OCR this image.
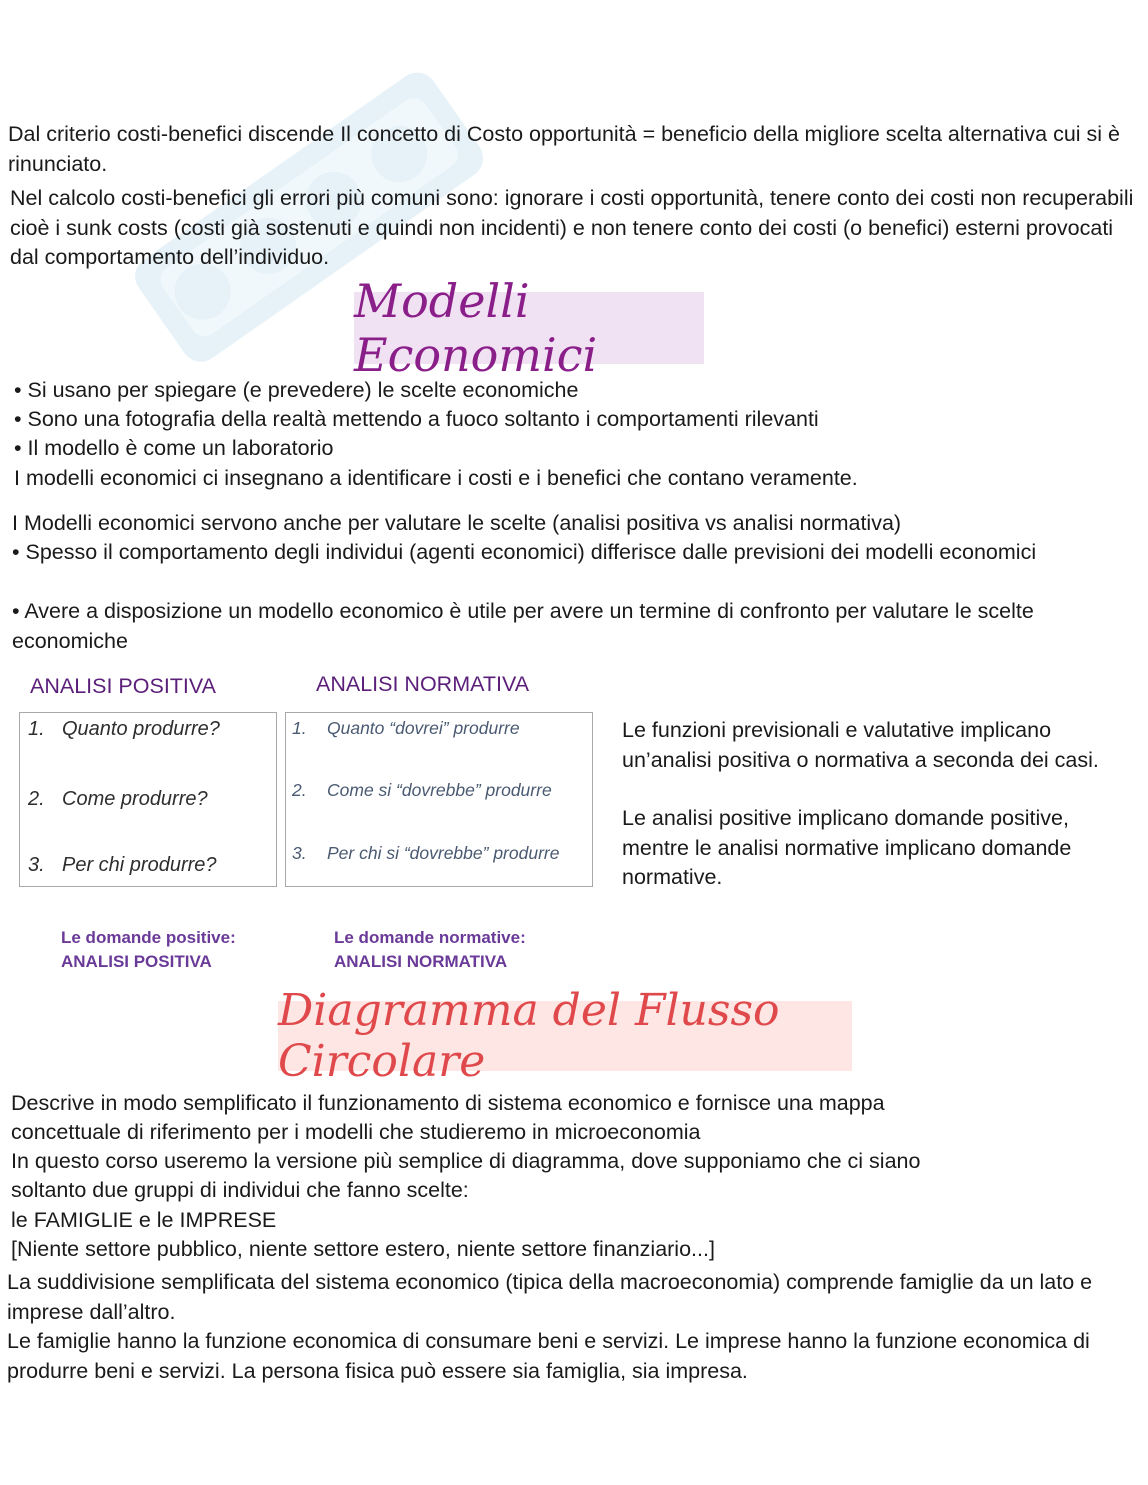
Dal criterio costi-benefici discende Il concetto di Costo opportunità = beneficio della migliore scelta alternativa cui si è rinunciato.

Nel calcolo costi-benefici gli errori più comuni sono: ignorare i costi opportunità, tenere conto dei costi non recuperabili cioè i sunk costs (costi già sostenuti e quindi non incidenti) e non tenere conto dei costi (o benefici) esterni provocati dal comportamento dell’individuo.

Modelli Economici

• Si usano per spiegare (e prevedere) le scelte economiche

• Sono una fotografia della realtà mettendo a fuoco soltanto i comportamenti rilevanti

• Il modello è come un laboratorio

I modelli economici ci insegnano a identificare i costi e i benefici che contano veramente.

I Modelli economici servono anche per valutare le scelte (analisi positiva vs analisi normativa)

• Spesso il comportamento degli individui (agenti economici) differisce dalle previsioni dei modelli economici

• Avere a disposizione un modello economico è utile per avere un termine di confronto per valutare le scelte economiche

ANALISI POSITIVA	ANALISI NORMATIVA
1. Quanto produrre?
2. Come produrre?
3. Per chi produrre?
1. Quanto “dovrei” produrre
2. Come si “dovrebbe” produrre
3. Per chi si “dovrebbe” produrre

Le funzioni previsionali e valutative implicano un’analisi positiva o normativa a seconda dei casi.

Le analisi positive implicano domande positive, mentre le analisi normative implicano domande normative.

Le domande positive:
ANALISI POSITIVA
Le domande normative:
ANALISI NORMATIVA
Diagramma del Flusso Circolare

Descrive in modo semplificato il funzionamento di sistema economico e fornisce una mappa

concettuale di riferimento per i modelli che studieremo in microeconomia

In questo corso useremo la versione più semplice di diagramma, dove supponiamo che ci siano

soltanto due gruppi di individui che fanno scelte:

le FAMIGLIE e le IMPRESE

[Niente settore pubblico, niente settore estero, niente settore finanziario...]

La suddivisione semplificata del sistema economico (tipica della macroeconomia) comprende famiglie da un lato e imprese dall’altro.

Le famiglie hanno la funzione economica di consumare beni e servizi. Le imprese hanno la funzione economica di produrre beni e servizi. La persona fisica può essere sia famiglia, sia impresa.
